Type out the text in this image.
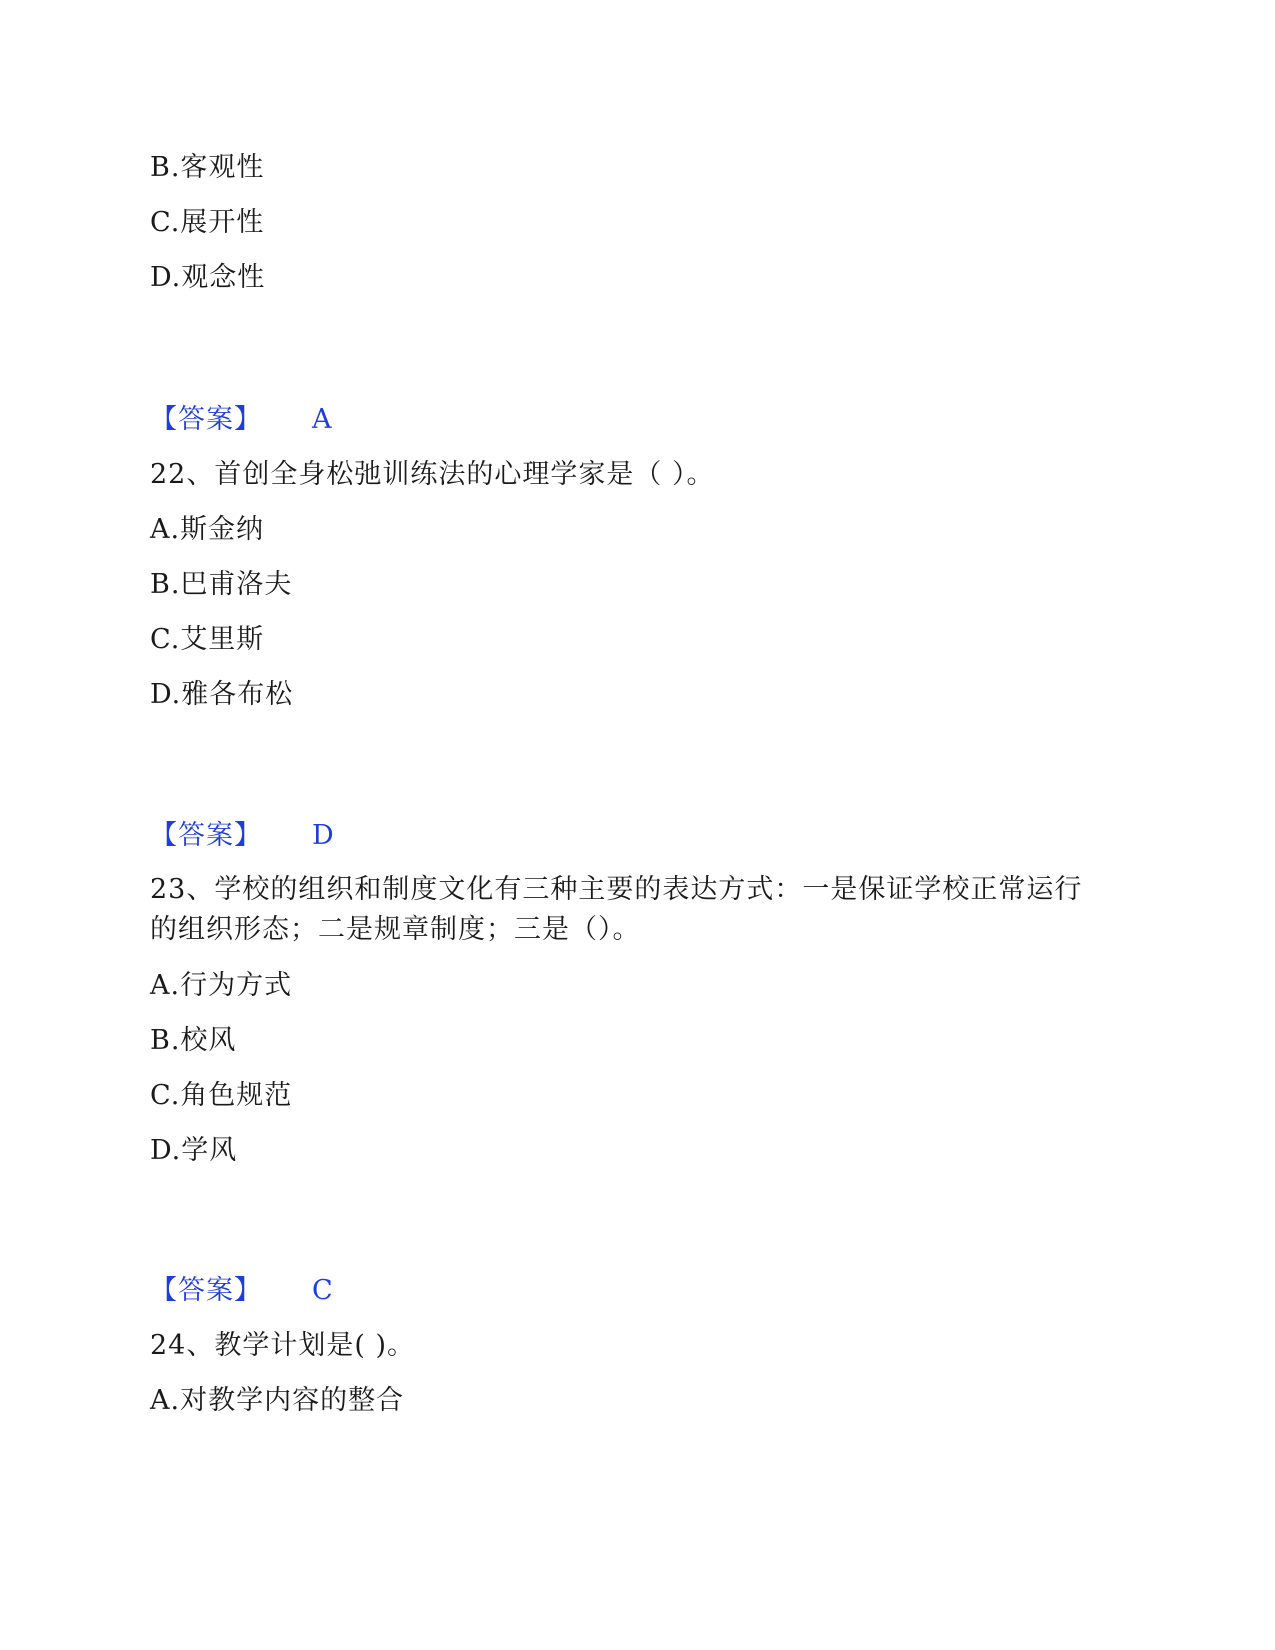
B.客观性
C.展开性
D.观念性
【答案】 A
22、首创全身松弛训练法的心理学家是（ ）。
A.斯金纳
B.巴甫洛夫
C.艾里斯
D.雅各布松
【答案】 D
23、学校的组织和制度文化有三种主要的表达方式：一是保证学校正常运行
的组织形态；二是规章制度；三是（）。
A.行为方式
B.校风
C.角色规范
D.学风
【答案】 C
24、教学计划是( )。
A.对教学内容的整合
